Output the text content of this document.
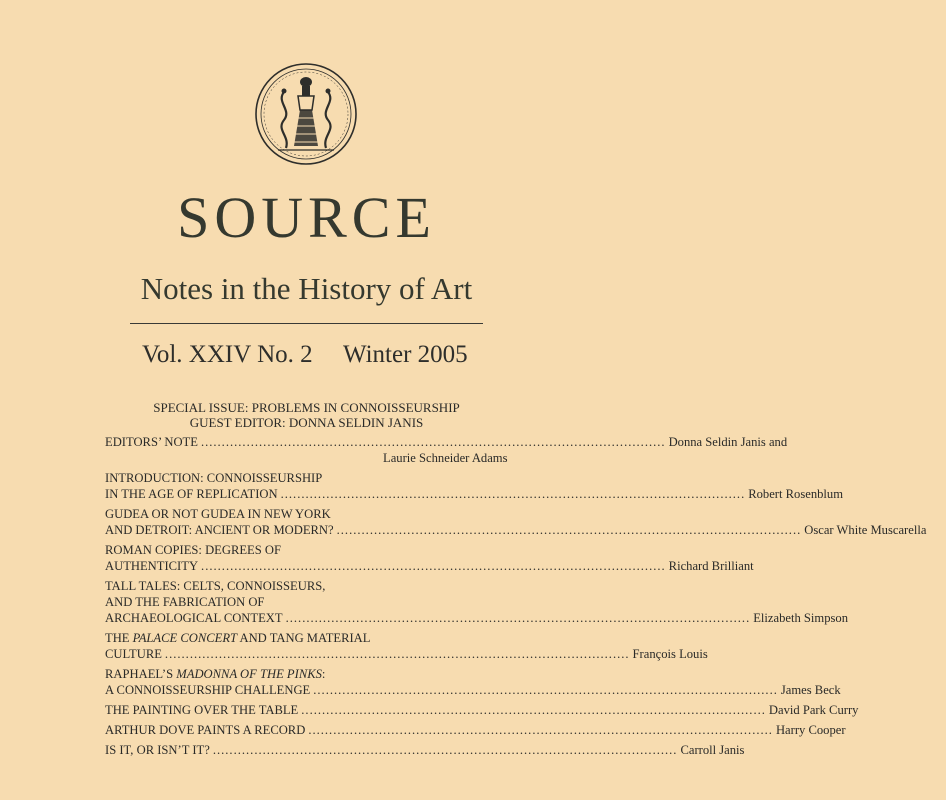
SOURCE
Notes in the History of Art
Vol. XXIV No. 2 Winter 2005
SPECIAL ISSUE: PROBLEMS IN CONNOISSEURSHIP
GUEST EDITOR: DONNA SELDIN JANIS
EDITORS’ NOTE ................................................................................................................ Donna Seldin Janis and
Laurie Schneider Adams
INTRODUCTION: CONNOISSEURSHIP
IN THE AGE OF REPLICATION ................................................................................................................ Robert Rosenblum
GUDEA OR NOT GUDEA IN NEW YORK
AND DETROIT: ANCIENT OR MODERN? ................................................................................................................ Oscar White Muscarella
ROMAN COPIES: DEGREES OF
AUTHENTICITY ................................................................................................................ Richard Brilliant
TALL TALES: CELTS, CONNOISSEURS,
AND THE FABRICATION OF
ARCHAEOLOGICAL CONTEXT ................................................................................................................ Elizabeth Simpson
THE PALACE CONCERT AND TANG MATERIAL
CULTURE ................................................................................................................ François Louis
RAPHAEL’S MADONNA OF THE PINKS:
A CONNOISSEURSHIP CHALLENGE ................................................................................................................ James Beck
THE PAINTING OVER THE TABLE ................................................................................................................ David Park Curry
ARTHUR DOVE PAINTS A RECORD ................................................................................................................ Harry Cooper
IS IT, OR ISN’T IT? ................................................................................................................ Carroll Janis
